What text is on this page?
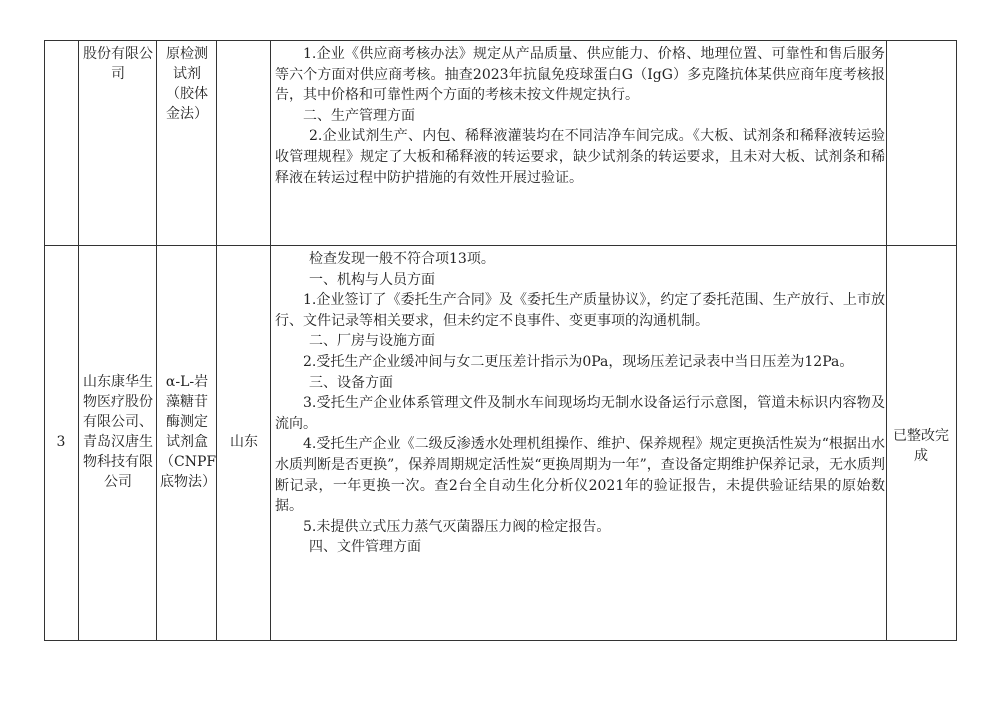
股份有限公司
原检测试剂（胶体金法）

1.企业《供应商考核办法》规定从产品质量、供应能力、价格、地理位置、可靠性和售后服务等六个方面对供应商考核。抽查2023年抗鼠免疫球蛋白G（IgG）多克隆抗体某供应商年度考核报告，其中价格和可靠性两个方面的考核未按文件规定执行。

二、生产管理方面

2.企业试剂生产、内包、稀释液灌装均在不同洁净车间完成。《大板、试剂条和稀释液转运验收管理规程》规定了大板和稀释液的转运要求，缺少试剂条的转运要求，且未对大板、试剂条和稀释液在转运过程中防护措施的有效性开展过验证。

3
山东康华生物医疗股份有限公司、青岛汉唐生物科技有限公司
α-L-岩藻糖苷酶测定试剂盒（CNPF底物法）
山东	已整改完成

检查发现一般不符合项13项。

一、机构与人员方面

1.企业签订了《委托生产合同》及《委托生产质量协议》，约定了委托范围、生产放行、上市放行、文件记录等相关要求，但未约定不良事件、变更事项的沟通机制。

二、厂房与设施方面

2.受托生产企业缓冲间与女二更压差计指示为0Pa，现场压差记录表中当日压差为12Pa。

三、设备方面

3.受托生产企业体系管理文件及制水车间现场均无制水设备运行示意图，管道未标识内容物及流向。

4.受托生产企业《二级反渗透水处理机组操作、维护、保养规程》规定更换活性炭为“根据出水水质判断是否更换”，保养周期规定活性炭“更换周期为一年”，查设备定期维护保养记录，无水质判断记录，一年更换一次。查2台全自动生化分析仪2021年的验证报告，未提供验证结果的原始数据。

5.未提供立式压力蒸气灭菌器压力阀的检定报告。

四、文件管理方面
